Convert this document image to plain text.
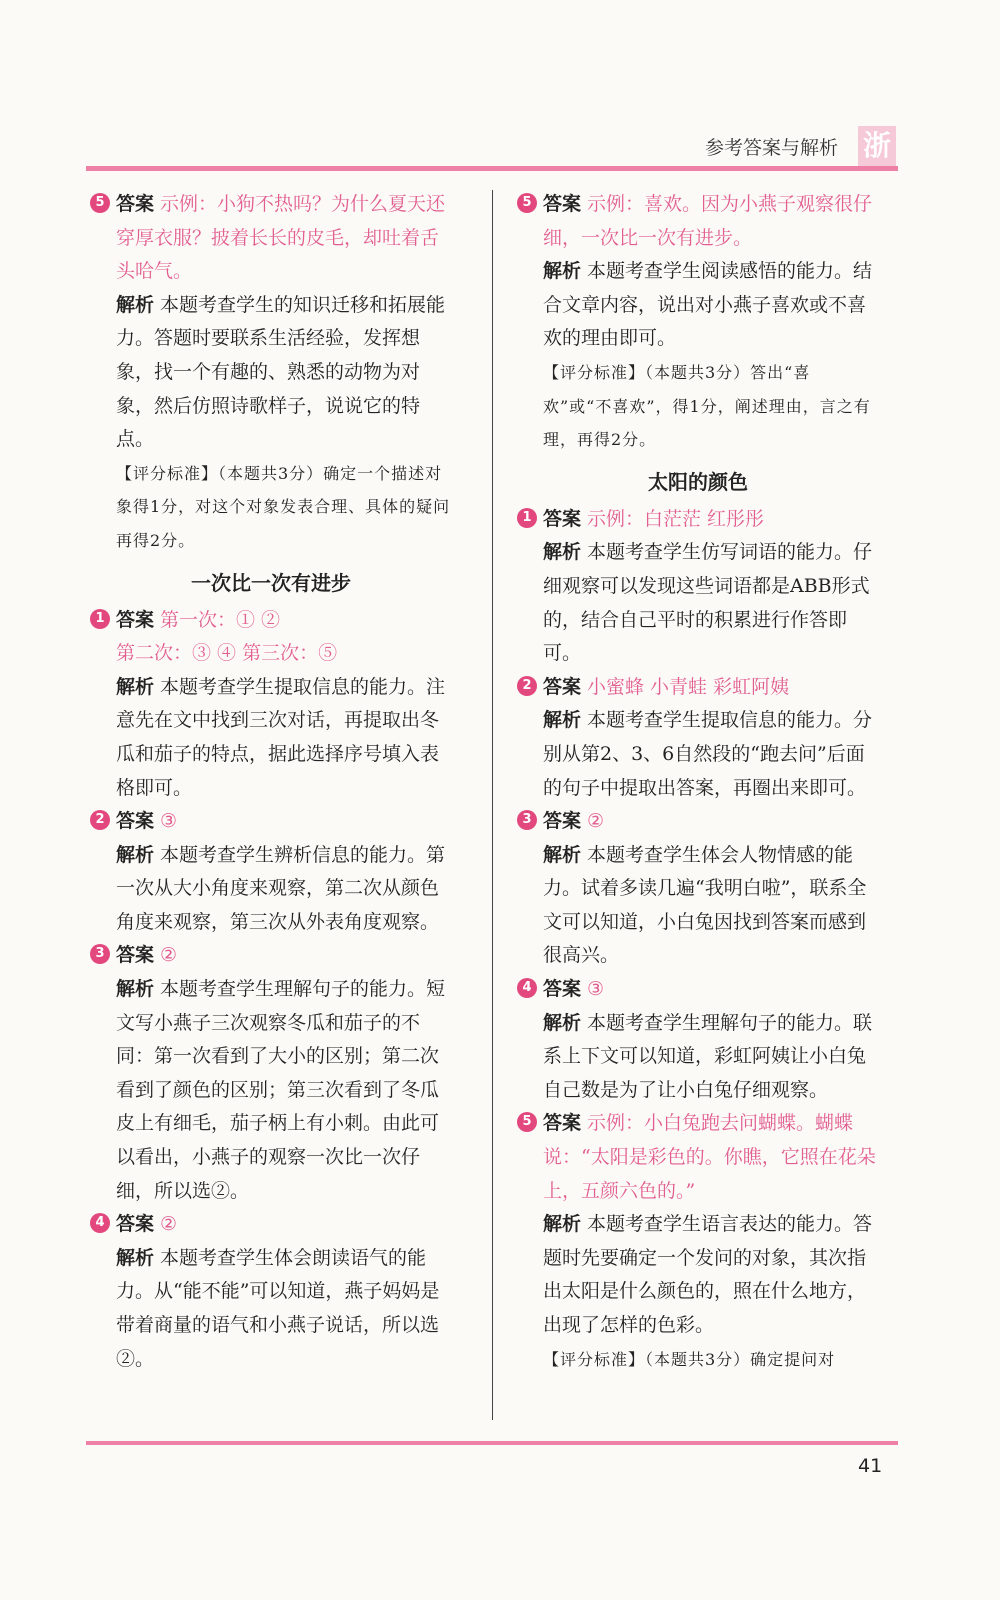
参考答案与解析 浙
5 答案 示例：小狗不热吗？为什么夏天还穿厚衣服？披着长长的皮毛，却吐着舌头哈气。

解析 本题考查学生的知识迁移和拓展能力。答题时要联系生活经验，发挥想象，找一个有趣的、熟悉的动物为对象，然后仿照诗歌样子，说说它的特点。

【评分标准】（本题共3分）确定一个描述对象得1分，对这个对象发表合理、具体的疑问再得2分。

一次比一次有进步
1 答案 第一次：① ②

第二次：③ ④ 第三次：⑤

解析 本题考查学生提取信息的能力。注意先在文中找到三次对话，再提取出冬瓜和茄子的特点，据此选择序号填入表格即可。

2 答案 ③

解析 本题考查学生辨析信息的能力。第一次从大小角度来观察，第二次从颜色角度来观察，第三次从外表角度观察。

3 答案 ②

解析 本题考查学生理解句子的能力。短文写小燕子三次观察冬瓜和茄子的不同：第一次看到了大小的区别；第二次看到了颜色的区别；第三次看到了冬瓜皮上有细毛，茄子柄上有小刺。由此可以看出，小燕子的观察一次比一次仔细，所以选②。

4 答案 ②

解析 本题考查学生体会朗读语气的能力。从“能不能”可以知道，燕子妈妈是带着商量的语气和小燕子说话，所以选②。

5 答案 示例：喜欢。因为小燕子观察很仔细，一次比一次有进步。

解析 本题考查学生阅读感悟的能力。结合文章内容，说出对小燕子喜欢或不喜欢的理由即可。

【评分标准】（本题共3分）答出“喜欢”或“不喜欢”，得1分，阐述理由，言之有理，再得2分。

太阳的颜色
1 答案 示例：白茫茫 红彤彤

解析 本题考查学生仿写词语的能力。仔细观察可以发现这些词语都是ABB形式的，结合自己平时的积累进行作答即可。

2 答案 小蜜蜂 小青蛙 彩虹阿姨

解析 本题考查学生提取信息的能力。分别从第2、3、6自然段的“跑去问”后面的句子中提取出答案，再圈出来即可。

3 答案 ②

解析 本题考查学生体会人物情感的能力。试着多读几遍“我明白啦”，联系全文可以知道，小白兔因找到答案而感到很高兴。

4 答案 ③

解析 本题考查学生理解句子的能力。联系上下文可以知道，彩虹阿姨让小白兔自己数是为了让小白兔仔细观察。

5 答案 示例：小白兔跑去问蝴蝶。蝴蝶说：“太阳是彩色的。你瞧，它照在花朵上，五颜六色的。”

解析 本题考查学生语言表达的能力。答题时先要确定一个发问的对象，其次指出太阳是什么颜色的，照在什么地方，出现了怎样的色彩。

【评分标准】（本题共3分）确定提问对

41
